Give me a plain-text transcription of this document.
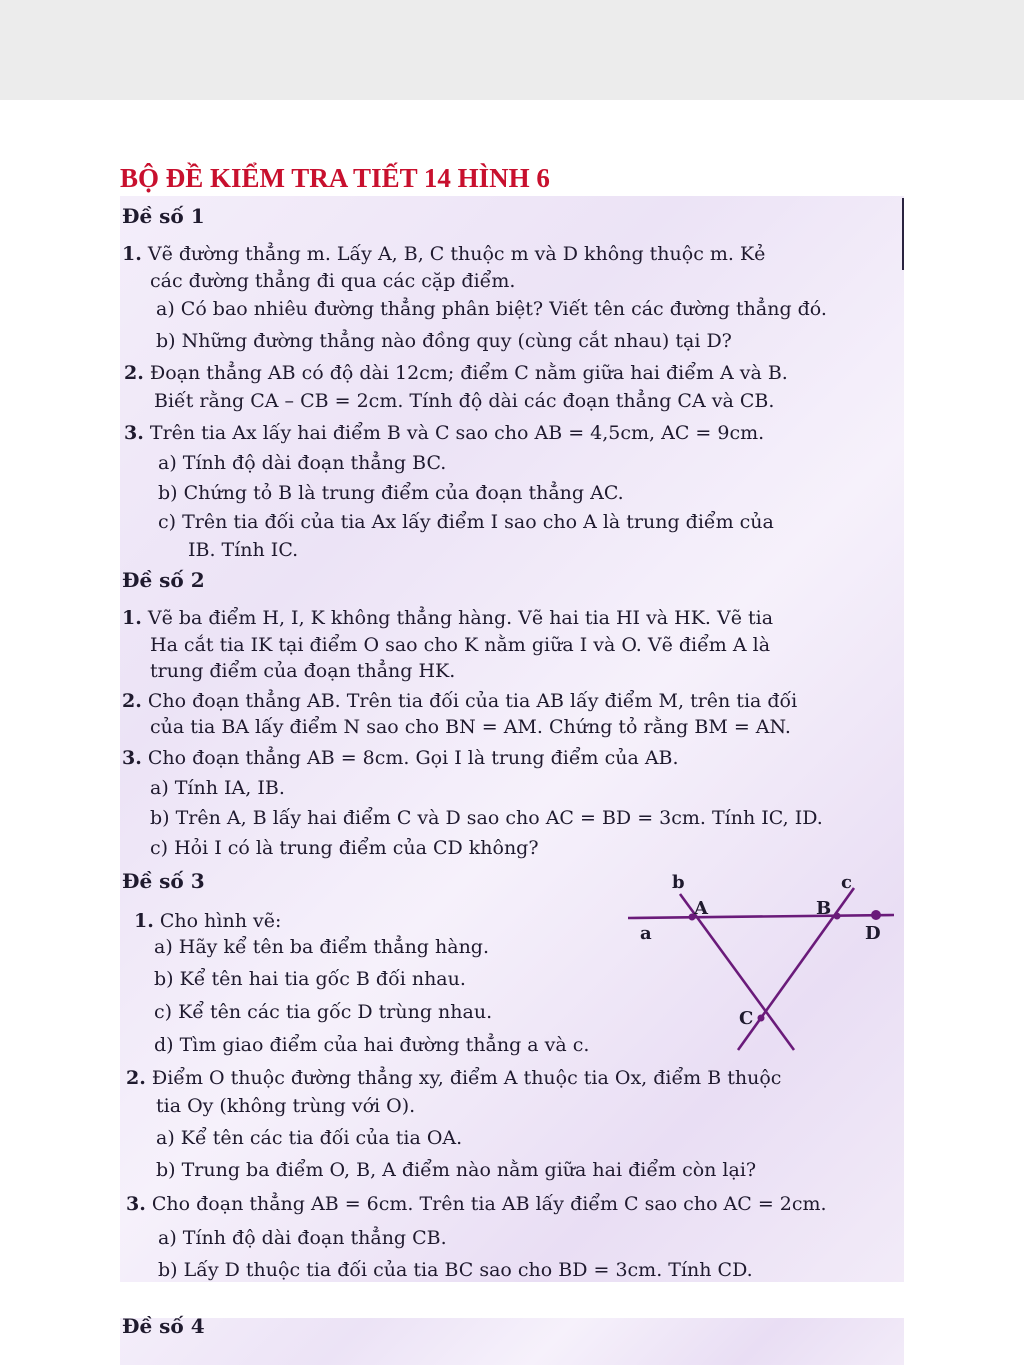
BỘ ĐỀ KIỂM TRA TIẾT 14 HÌNH 6
Đề số 1
1. Vẽ đường thẳng m. Lấy A, B, C thuộc m và D không thuộc m. Kẻ
các đường thẳng đi qua các cặp điểm.
a) Có bao nhiêu đường thẳng phân biệt? Viết tên các đường thẳng đó.
b) Những đường thẳng nào đồng quy (cùng cắt nhau) tại D?
2. Đoạn thẳng AB có độ dài 12cm; điểm C nằm giữa hai điểm A và B.
Biết rằng CA – CB = 2cm. Tính độ dài các đoạn thẳng CA và CB.
3. Trên tia Ax lấy hai điểm B và C sao cho AB = 4,5cm, AC = 9cm.
a) Tính độ dài đoạn thẳng BC.
b) Chứng tỏ B là trung điểm của đoạn thẳng AC.
c) Trên tia đối của tia Ax lấy điểm I sao cho A là trung điểm của
IB. Tính IC.
Đề số 2
1. Vẽ ba điểm H, I, K không thẳng hàng. Vẽ hai tia HI và HK. Vẽ tia
Ha cắt tia IK tại điểm O sao cho K nằm giữa I và O. Vẽ điểm A là
trung điểm của đoạn thẳng HK.
2. Cho đoạn thẳng AB. Trên tia đối của tia AB lấy điểm M, trên tia đối
của tia BA lấy điểm N sao cho BN = AM. Chứng tỏ rằng BM = AN.
3. Cho đoạn thẳng AB = 8cm. Gọi I là trung điểm của AB.
a) Tính IA, IB.
b) Trên A, B lấy hai điểm C và D sao cho AC = BD = 3cm. Tính IC, ID.
c) Hỏi I có là trung điểm của CD không?
Đề số 3
1. Cho hình vẽ:
a) Hãy kể tên ba điểm thẳng hàng.
b) Kể tên hai tia gốc B đối nhau.
c) Kể tên các tia gốc D trùng nhau.
d) Tìm giao điểm của hai đường thẳng a và c.
2. Điểm O thuộc đường thẳng xy, điểm A thuộc tia Ox, điểm B thuộc
tia Oy (không trùng với O).
a) Kể tên các tia đối của tia OA.
b) Trung ba điểm O, B, A điểm nào nằm giữa hai điểm còn lại?
3. Cho đoạn thẳng AB = 6cm. Trên tia AB lấy điểm C sao cho AC = 2cm.
a) Tính độ dài đoạn thẳng CB.
b) Lấy D thuộc tia đối của tia BC sao cho BD = 3cm. Tính CD.
b	c
A	B
a	D
C
Đề số 4
